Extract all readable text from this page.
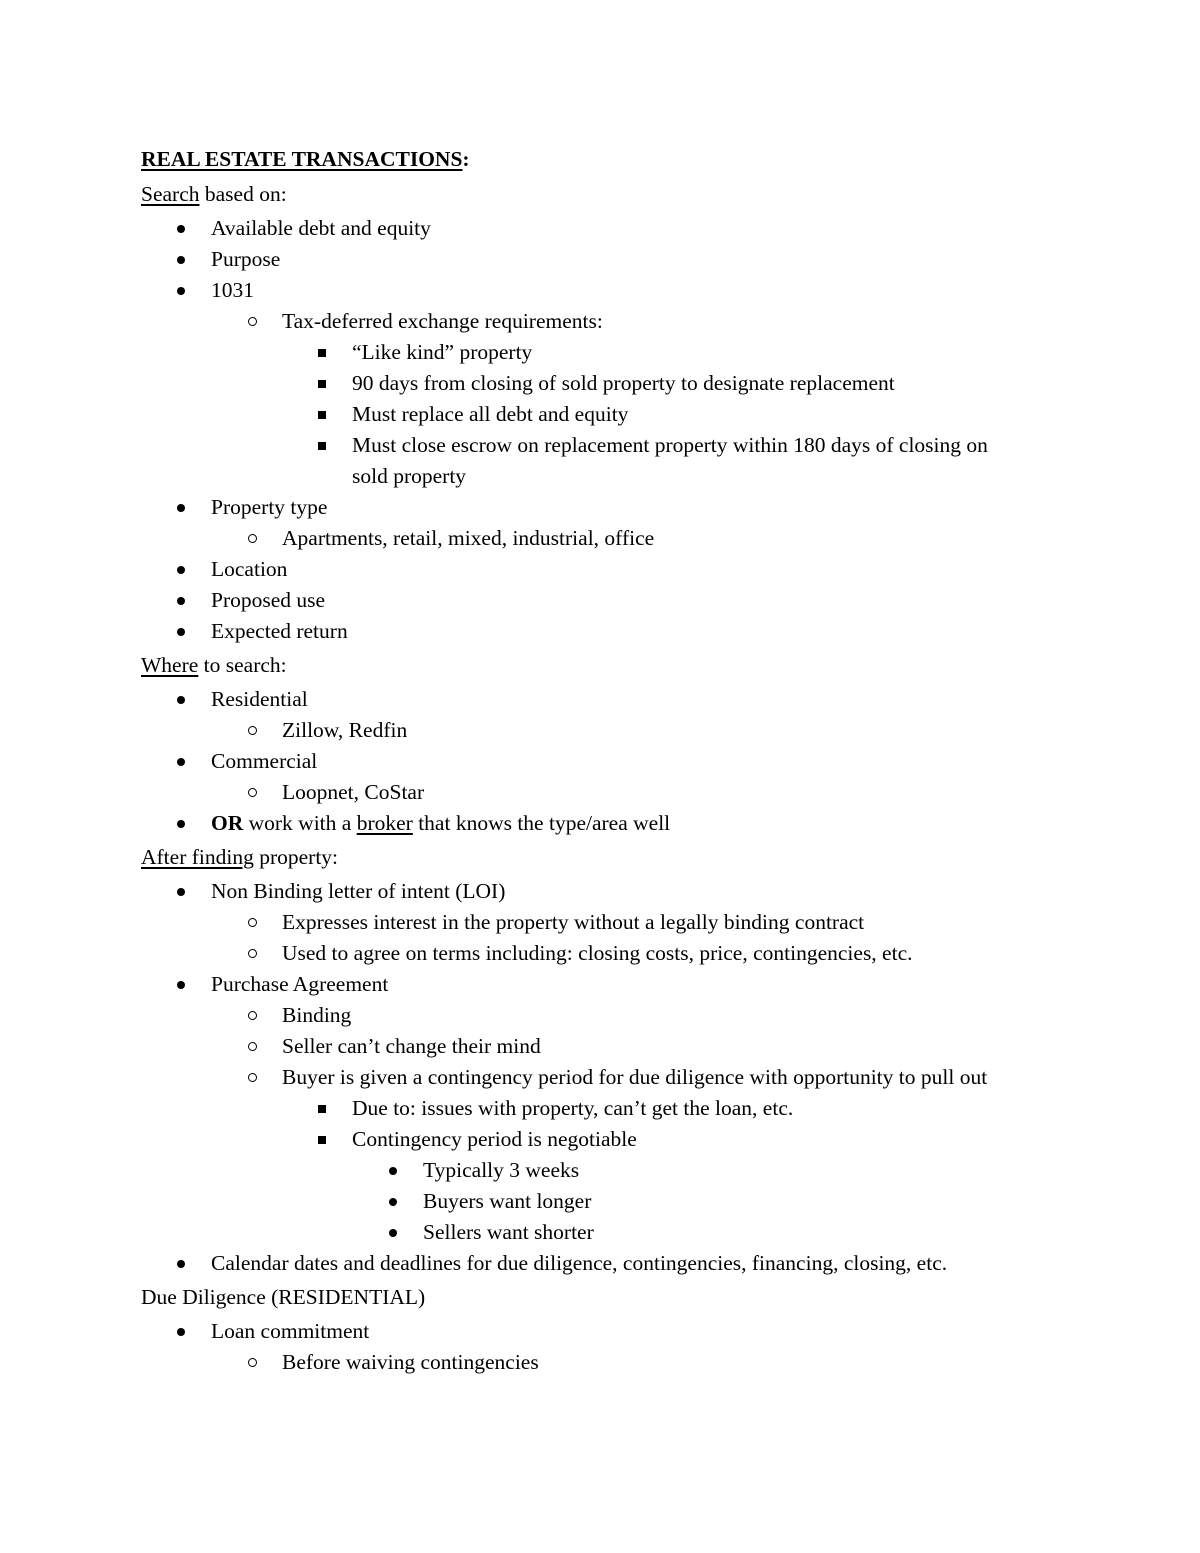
REAL ESTATE TRANSACTIONS:
Search based on:
Available debt and equity
Purpose
1031
Tax-deferred exchange requirements:
“Like kind” property
90 days from closing of sold property to designate replacement
Must replace all debt and equity
Must close escrow on replacement property within 180 days of closing on
sold property
Property type
Apartments, retail, mixed, industrial, office
Location
Proposed use
Expected return
Where to search:
Residential
Zillow, Redfin
Commercial
Loopnet, CoStar
OR work with a broker that knows the type/area well
After finding property:
Non Binding letter of intent (LOI)
Expresses interest in the property without a legally binding contract
Used to agree on terms including: closing costs, price, contingencies, etc.
Purchase Agreement
Binding
Seller can’t change their mind
Buyer is given a contingency period for due diligence with opportunity to pull out
Due to: issues with property, can’t get the loan, etc.
Contingency period is negotiable
Typically 3 weeks
Buyers want longer
Sellers want shorter
Calendar dates and deadlines for due diligence, contingencies, financing, closing, etc.
Due Diligence (RESIDENTIAL)
Loan commitment
Before waiving contingencies
